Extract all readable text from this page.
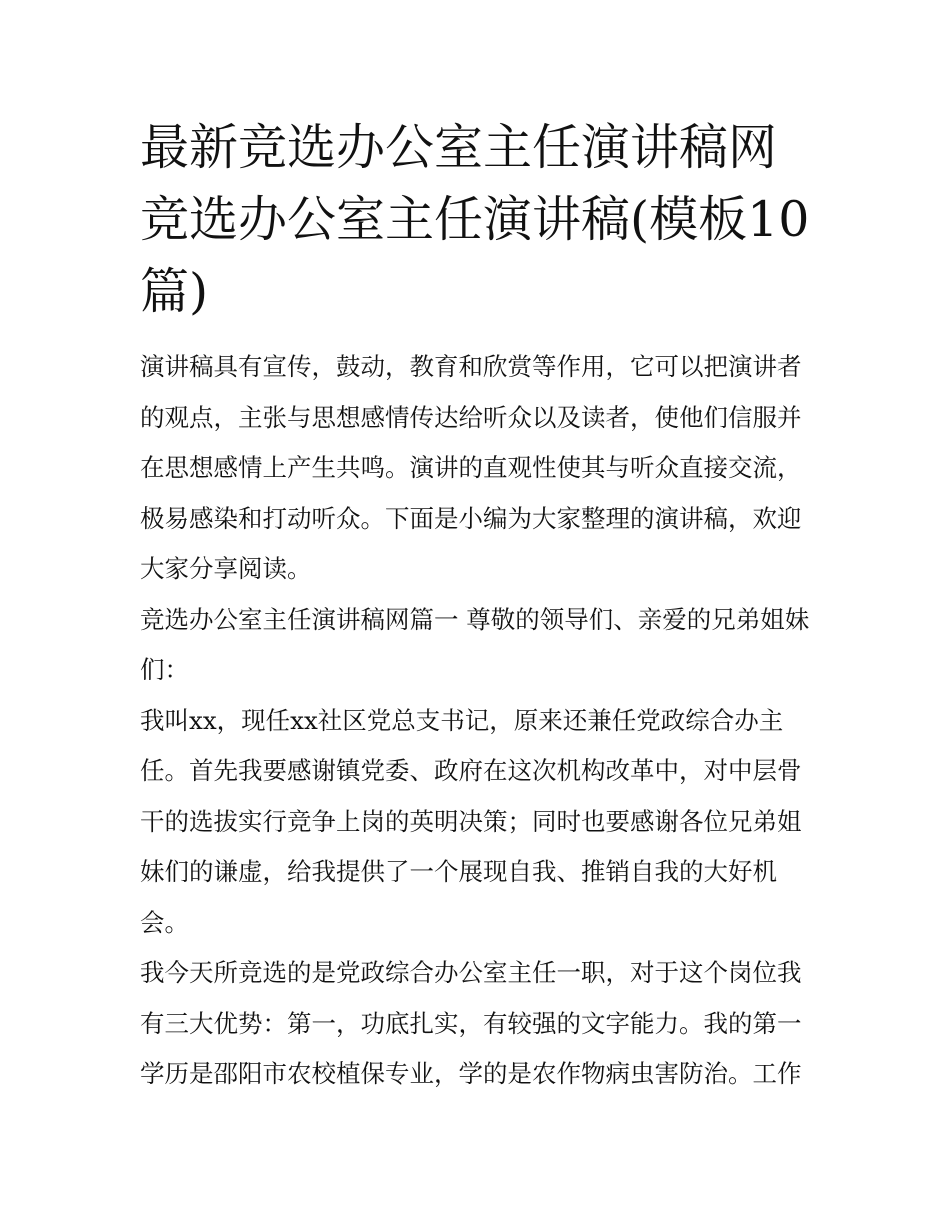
最新竞选办公室主任演讲稿网竞选办公室主任演讲稿(模板10篇)

演讲稿具有宣传，鼓动，教育和欣赏等作用，它可以把演讲者的观点，主张与思想感情传达给听众以及读者，使他们信服并在思想感情上产生共鸣。演讲的直观性使其与听众直接交流，极易感染和打动听众。下面是小编为大家整理的演讲稿，欢迎大家分享阅读。

竞选办公室主任演讲稿网篇一 尊敬的领导们、亲爱的兄弟姐妹们：

我叫xx，现任xx社区党总支书记，原来还兼任党政综合办主任。首先我要感谢镇党委、政府在这次机构改革中，对中层骨干的选拔实行竞争上岗的英明决策；同时也要感谢各位兄弟姐妹们的谦虚，给我提供了一个展现自我、推销自我的大好机会。

我今天所竞选的是党政综合办公室主任一职，对于这个岗位我有三大优势：第一，功底扎实，有较强的文字能力。我的第一学历是邵阳市农校植保专业，学的是农作物病虫害防治。工作
